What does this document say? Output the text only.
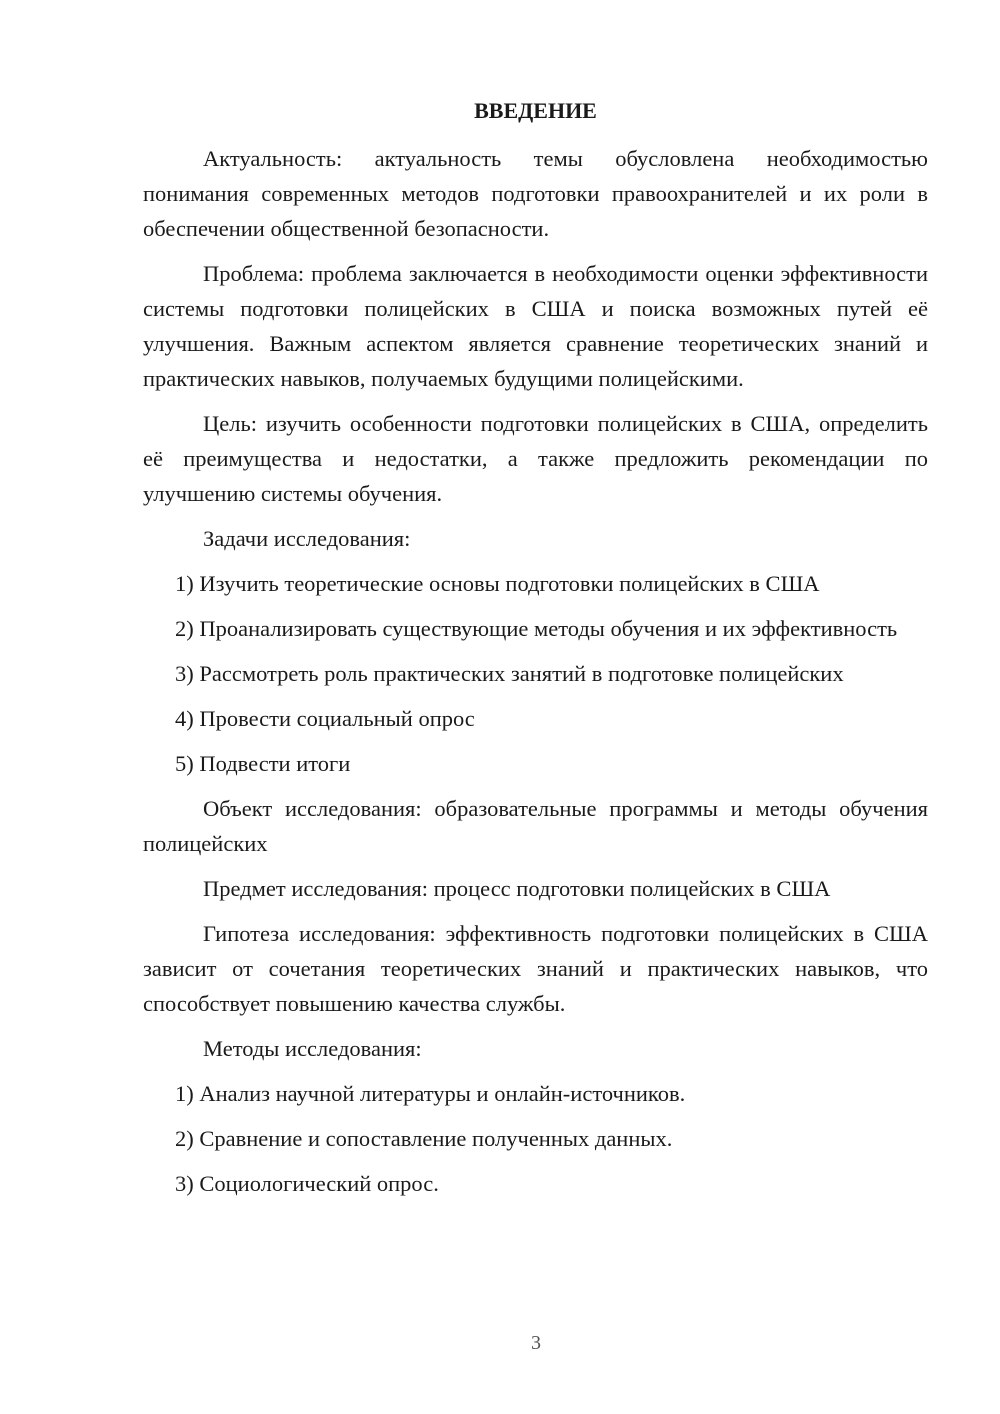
ВВЕДЕНИЕ

Актуальность: актуальность темы обусловлена необходимостью понимания современных методов подготовки правоохранителей и их роли в обеспечении общественной безопасности.

Проблема: проблема заключается в необходимости оценки эффективности системы подготовки полицейских в США и поиска возможных путей её улучшения. Важным аспектом является сравнение теоретических знаний и практических навыков, получаемых будущими полицейскими.

Цель: изучить особенности подготовки полицейских в США, определить её преимущества и недостатки, а также предложить рекомендации по улучшению системы обучения.

Задачи исследования:

1) Изучить теоретические основы подготовки полицейских в США

2) Проанализировать существующие методы обучения и их эффективность

3) Рассмотреть роль практических занятий в подготовке полицейских

4) Провести социальный опрос

5) Подвести итоги

Объект исследования: образовательные программы и методы обучения полицейских

Предмет исследования: процесс подготовки полицейских в США

Гипотеза исследования: эффективность подготовки полицейских в США зависит от сочетания теоретических знаний и практических навыков, что способствует повышению качества службы.

Методы исследования:

1) Анализ научной литературы и онлайн-источников.

2) Сравнение и сопоставление полученных данных.

3) Социологический опрос.

3
